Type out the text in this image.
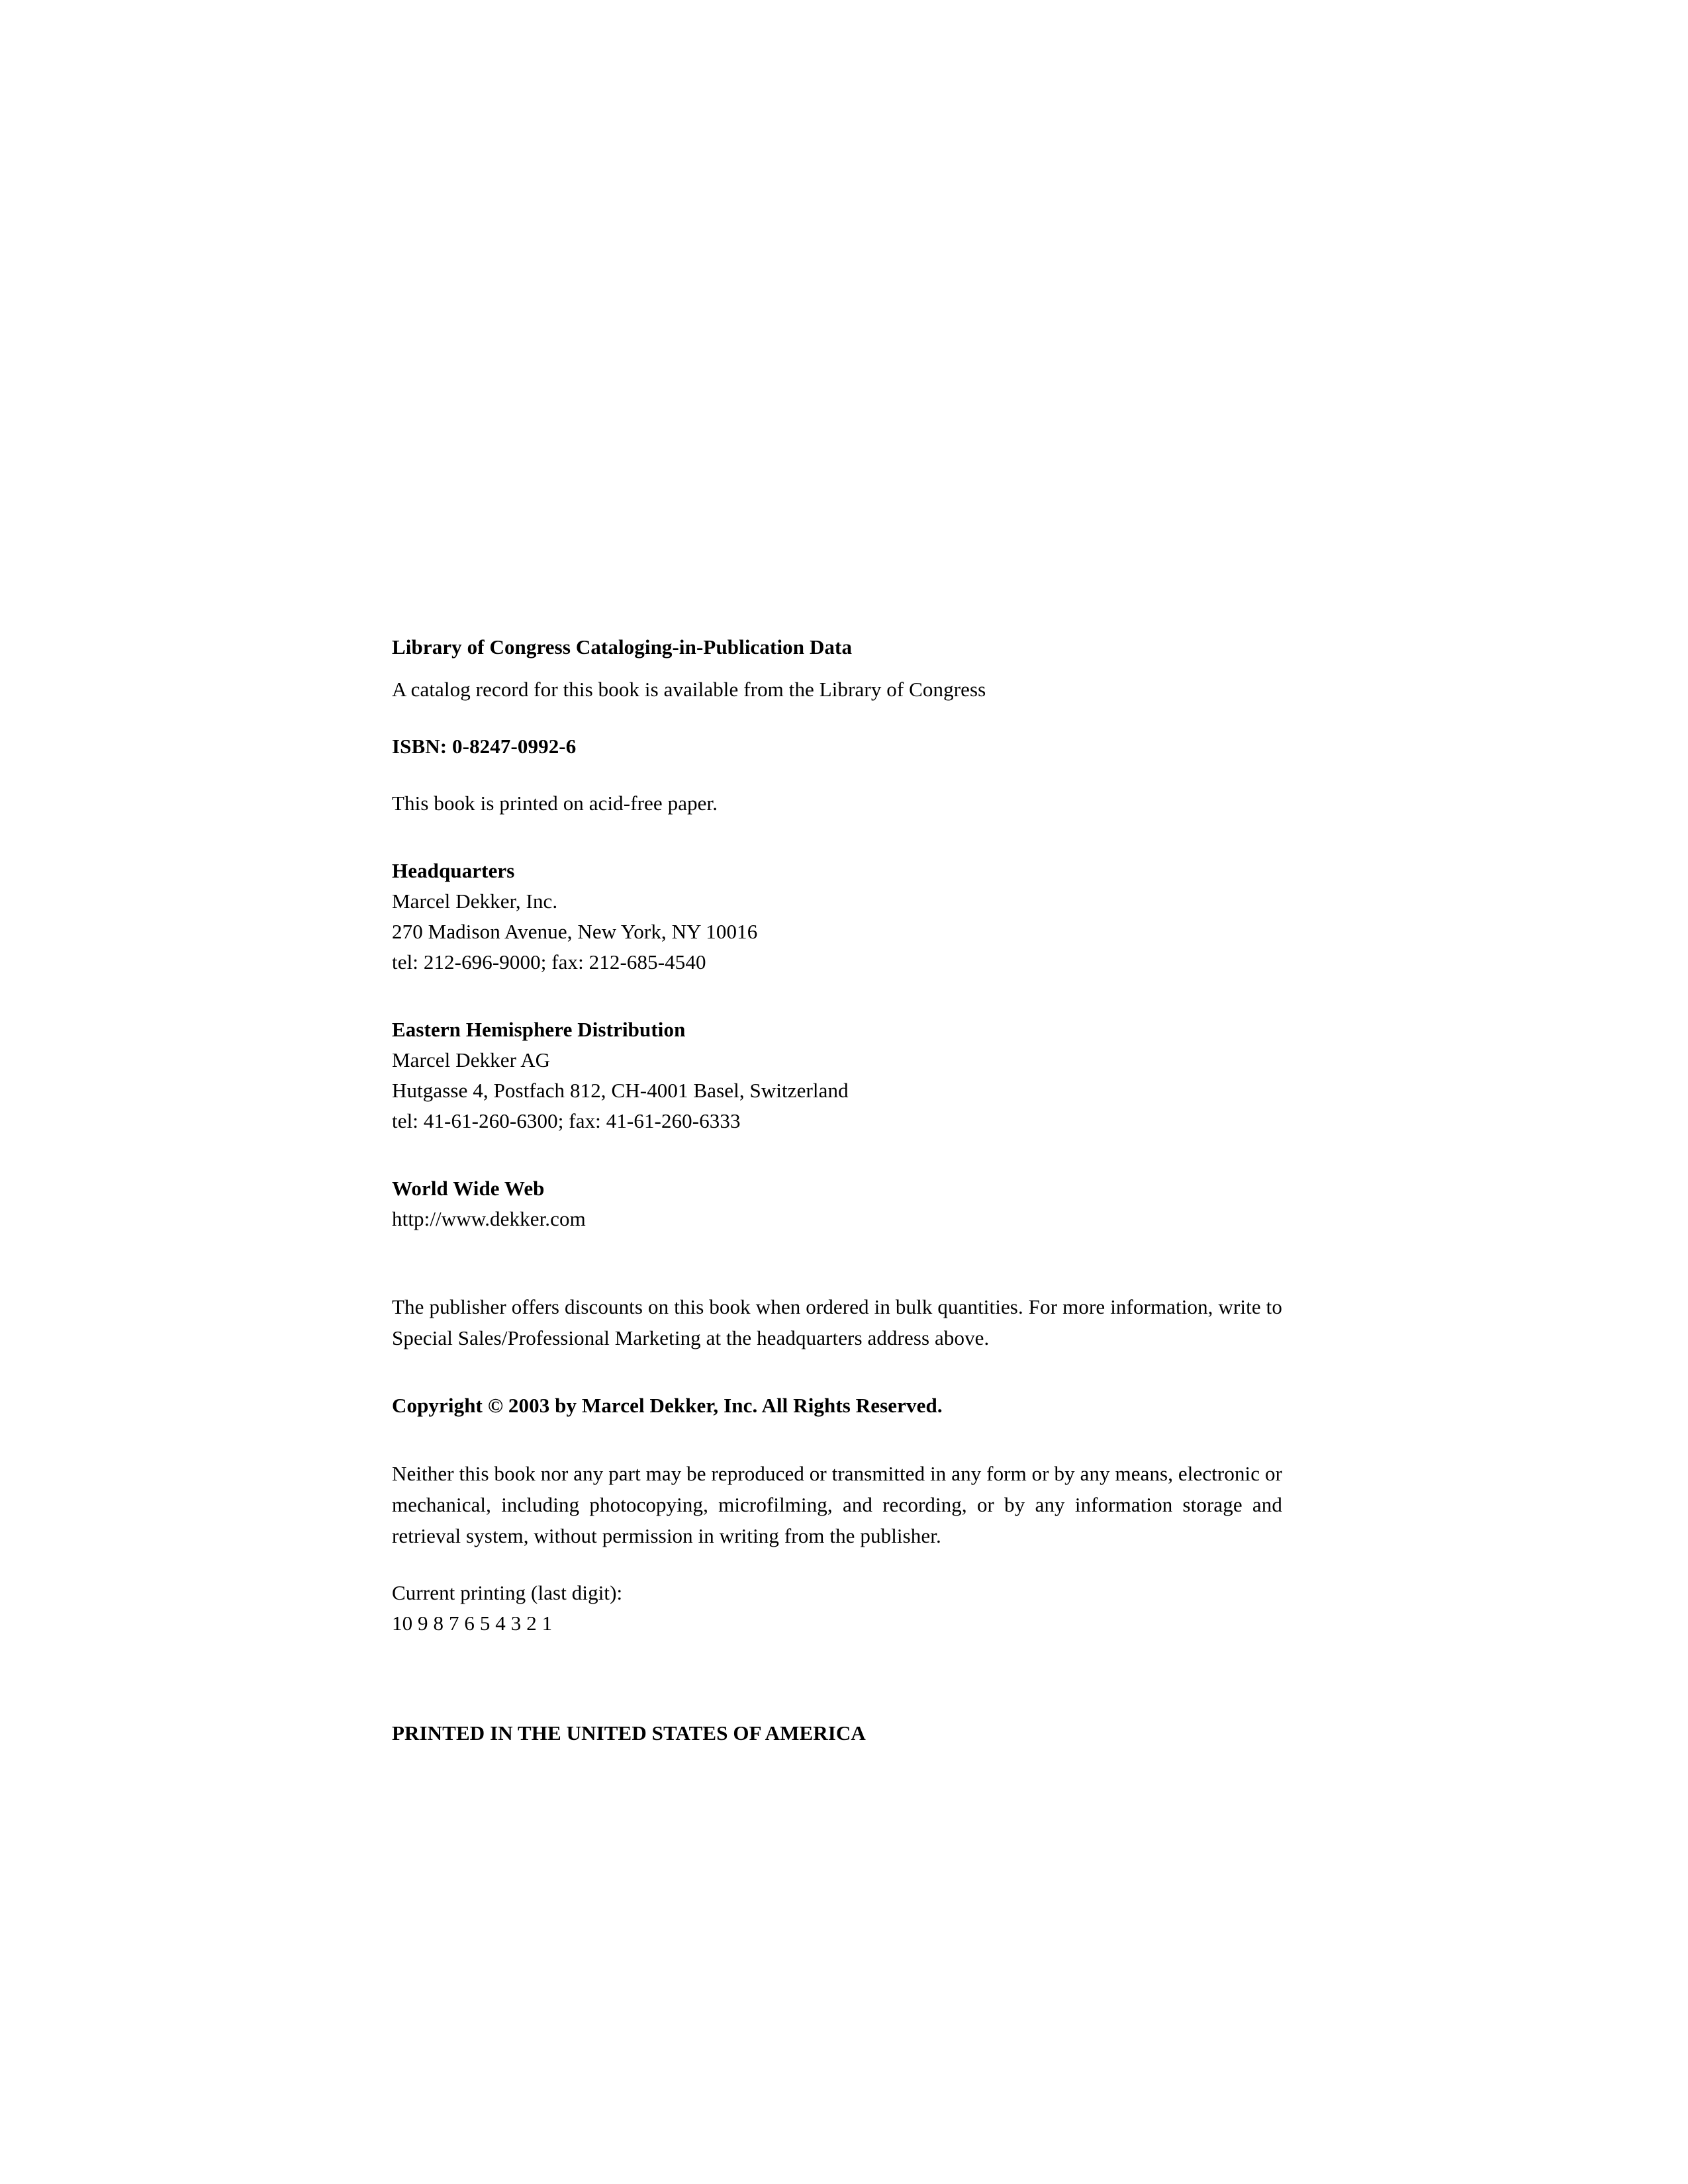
Library of Congress Cataloging-in-Publication Data
A catalog record for this book is available from the Library of Congress
ISBN: 0-8247-0992-6
This book is printed on acid-free paper.
Headquarters
Marcel Dekker, Inc.
270 Madison Avenue, New York, NY 10016
tel: 212-696-9000; fax: 212-685-4540
Eastern Hemisphere Distribution
Marcel Dekker AG
Hutgasse 4, Postfach 812, CH-4001 Basel, Switzerland
tel: 41-61-260-6300; fax: 41-61-260-6333
World Wide Web
http://www.dekker.com
The publisher offers discounts on this book when ordered in bulk quantities. For more information, write to Special Sales/Professional Marketing at the headquarters address above.
Copyright © 2003 by Marcel Dekker, Inc. All Rights Reserved.
Neither this book nor any part may be reproduced or transmitted in any form or by any means, electronic or mechanical, including photocopying, microfilming, and recording, or by any information storage and retrieval system, without permission in writing from the publisher.
Current printing (last digit):
10 9 8 7 6 5 4 3 2 1
PRINTED IN THE UNITED STATES OF AMERICA
